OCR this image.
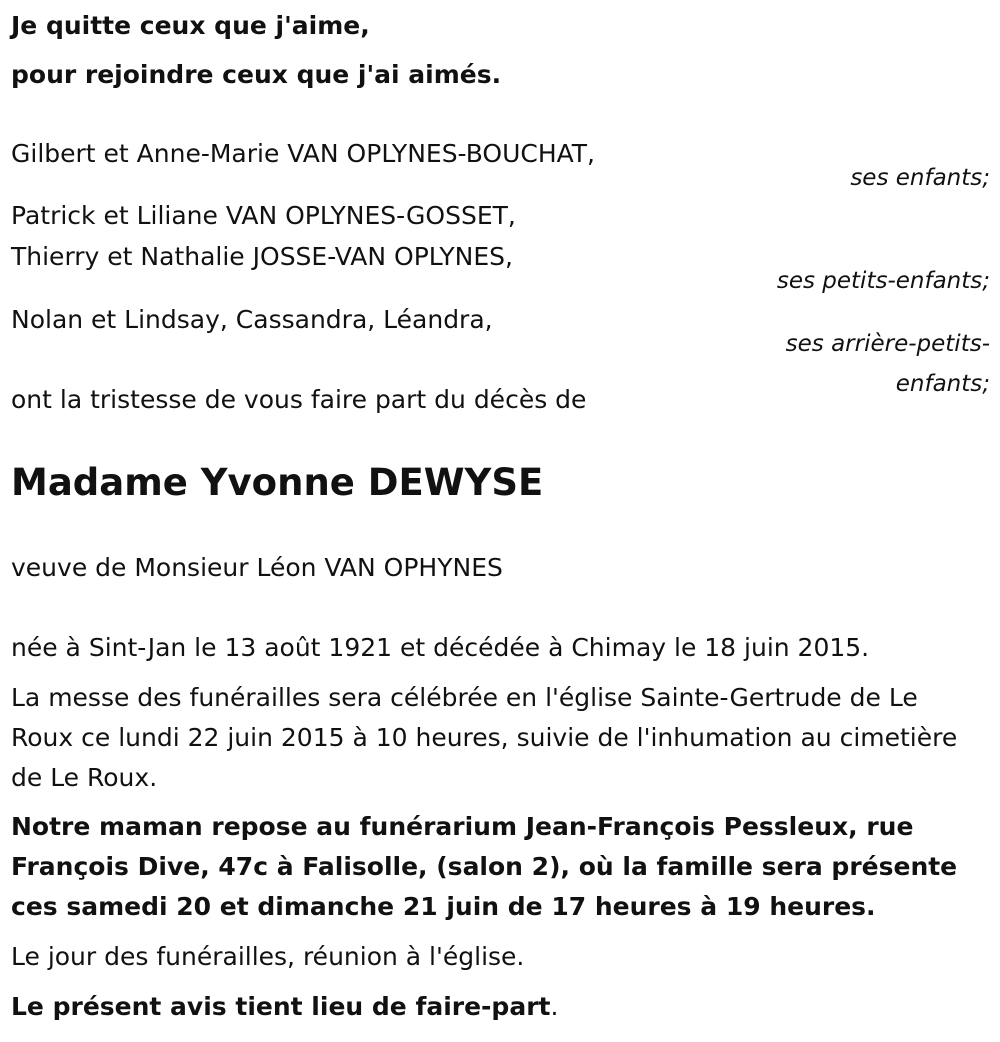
Je quitte ceux que j'aime,

pour rejoindre ceux que j'ai aimés.

Gilbert et Anne-Marie VAN OPLYNES-BOUCHAT,

ses enfants;

Patrick et Liliane VAN OPLYNES-GOSSET,

Thierry et Nathalie JOSSE-VAN OPLYNES,

ses petits-enfants;

Nolan et Lindsay, Cassandra, Léandra,

ses arrière-petits-

enfants;

ont la tristesse de vous faire part du décès de

Madame Yvonne DEWYSE

veuve de Monsieur Léon VAN OPHYNES

née à Sint-Jan le 13 août 1921 et décédée à Chimay le 18 juin 2015.

La messe des funérailles sera célébrée en l'église Sainte-Gertrude de Le Roux ce lundi 22 juin 2015 à 10 heures, suivie de l'inhumation au cimetière de Le Roux.

Notre maman repose au funérarium Jean-François Pessleux, rue François Dive, 47c à Falisolle, (salon 2), où la famille sera présente ces samedi 20 et dimanche 21 juin de 17 heures à 19 heures.

Le jour des funérailles, réunion à l'église.

Le présent avis tient lieu de faire-part.
